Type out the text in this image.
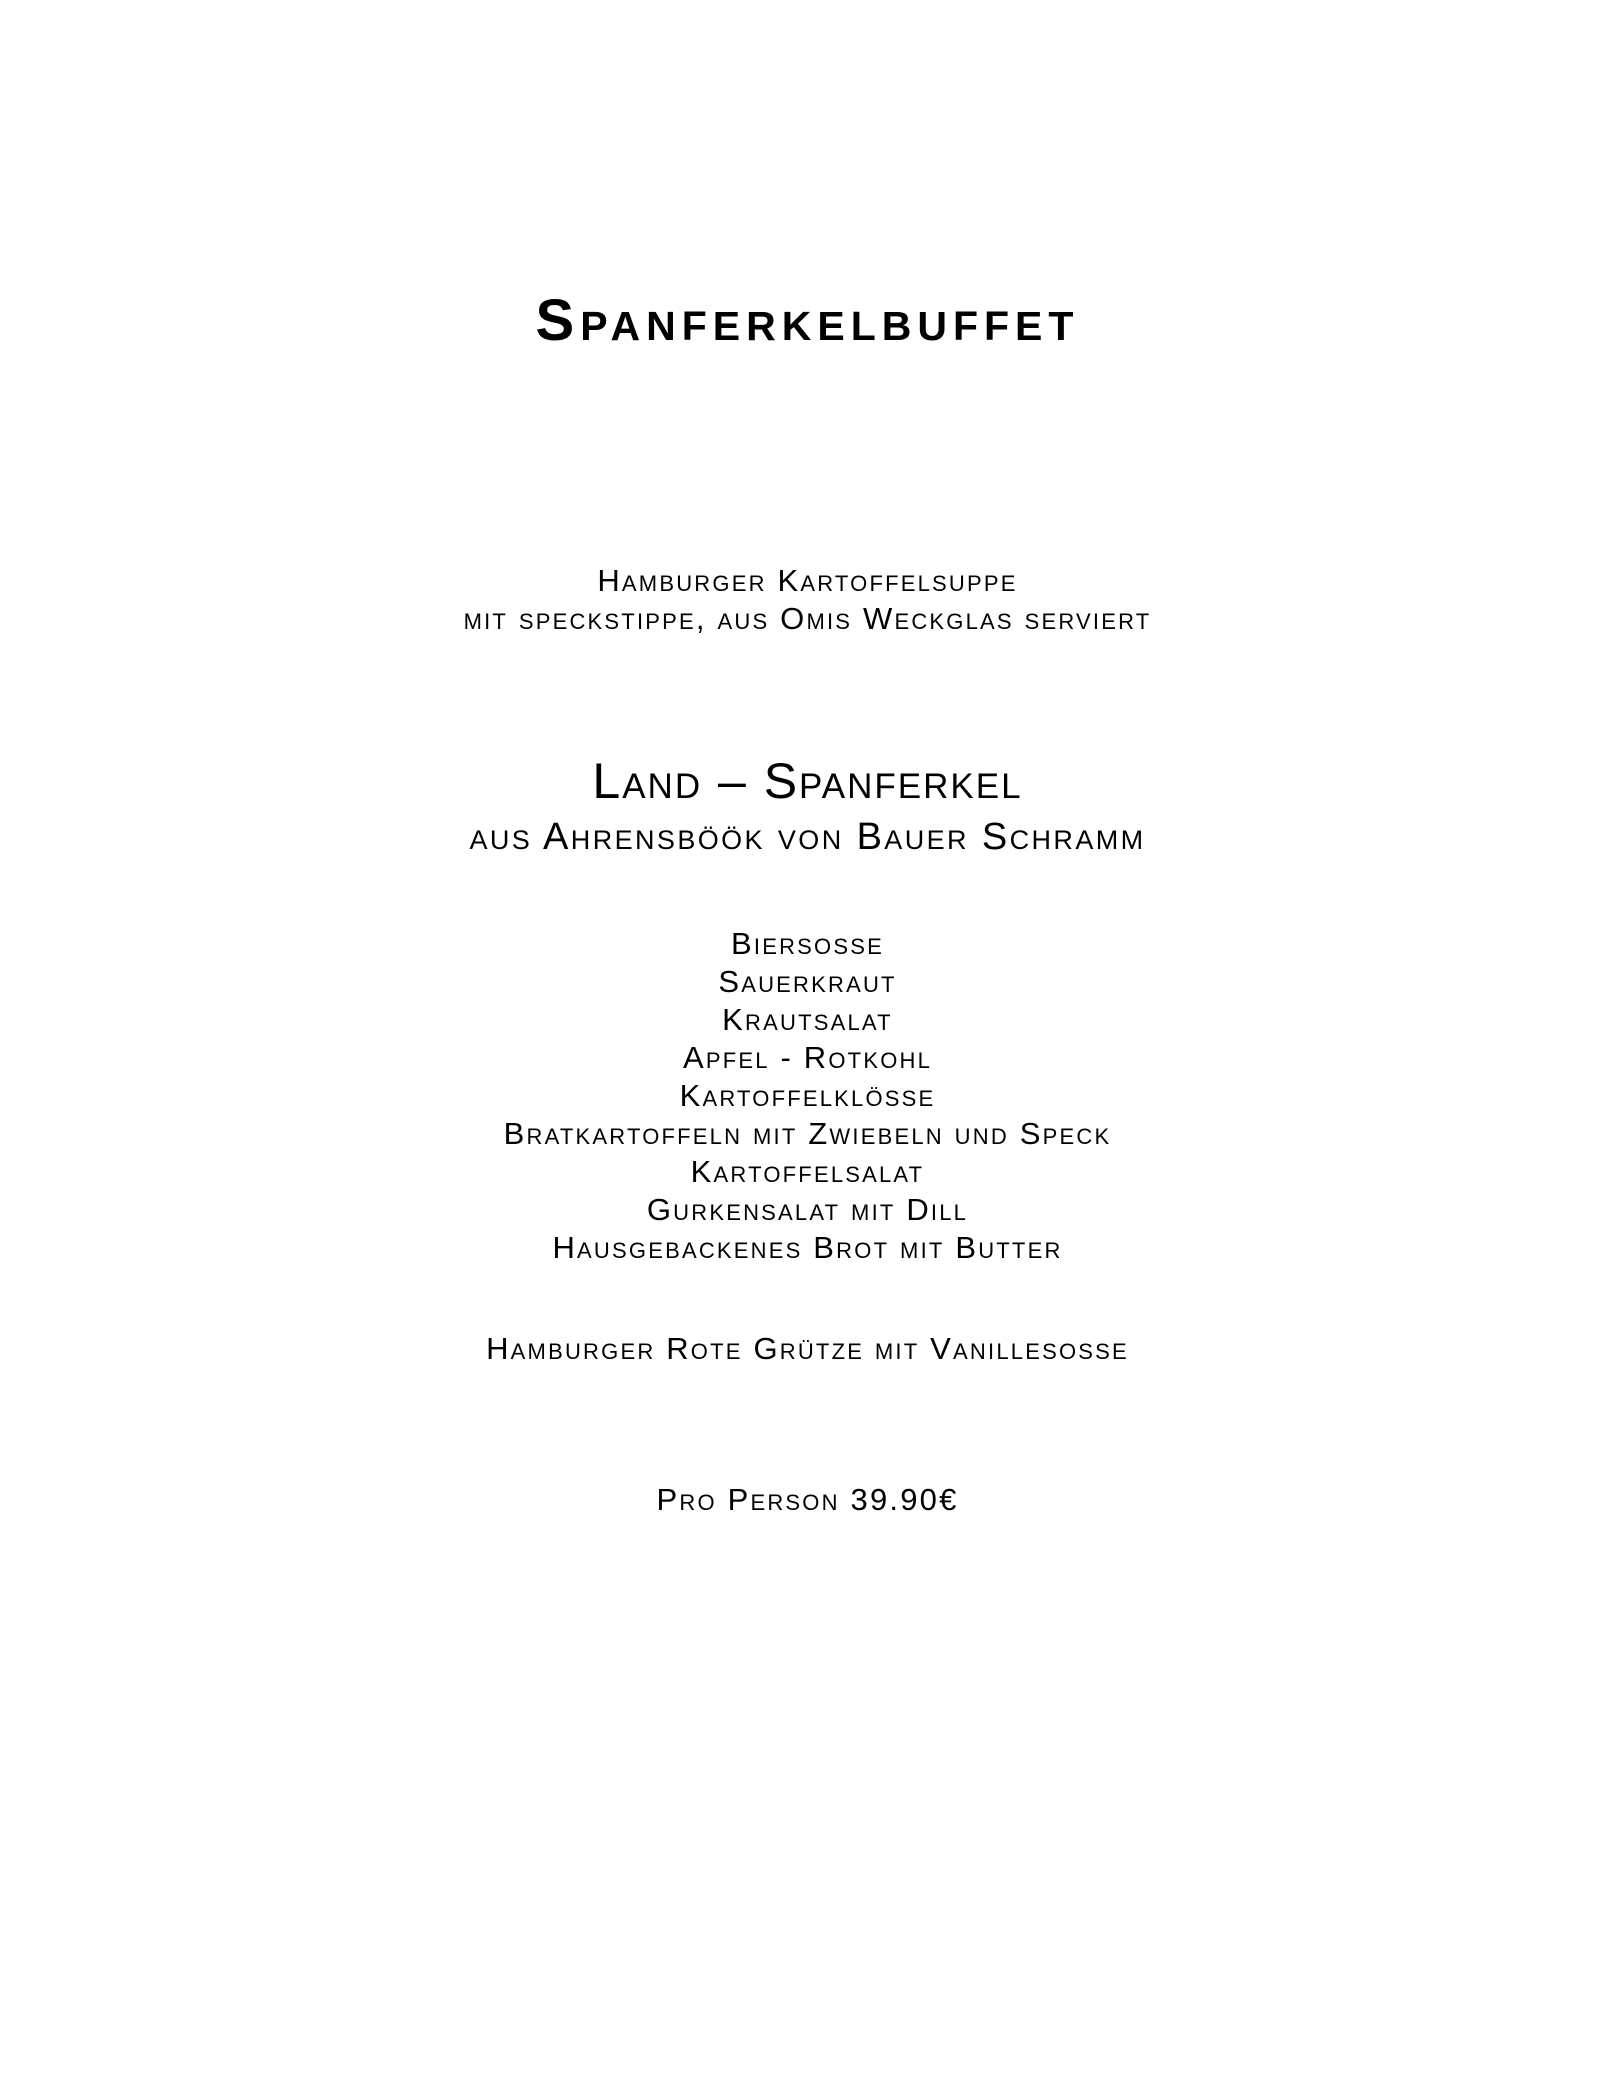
Spanferkelbuffet
Hamburger Kartoffelsuppe
mit speckstippe, aus Omis Weckglas serviert
Land – Spanferkel
aus Ahrensböök von Bauer Schramm
Biersosse
Sauerkraut
Krautsalat
Apfel - Rotkohl
Kartoffelklösse
Bratkartoffeln mit Zwiebeln und Speck
Kartoffelsalat
Gurkensalat mit Dill
Hausgebackenes Brot mit Butter
Hamburger Rote Grütze mit Vanillesosse
Pro Person 39.90€
